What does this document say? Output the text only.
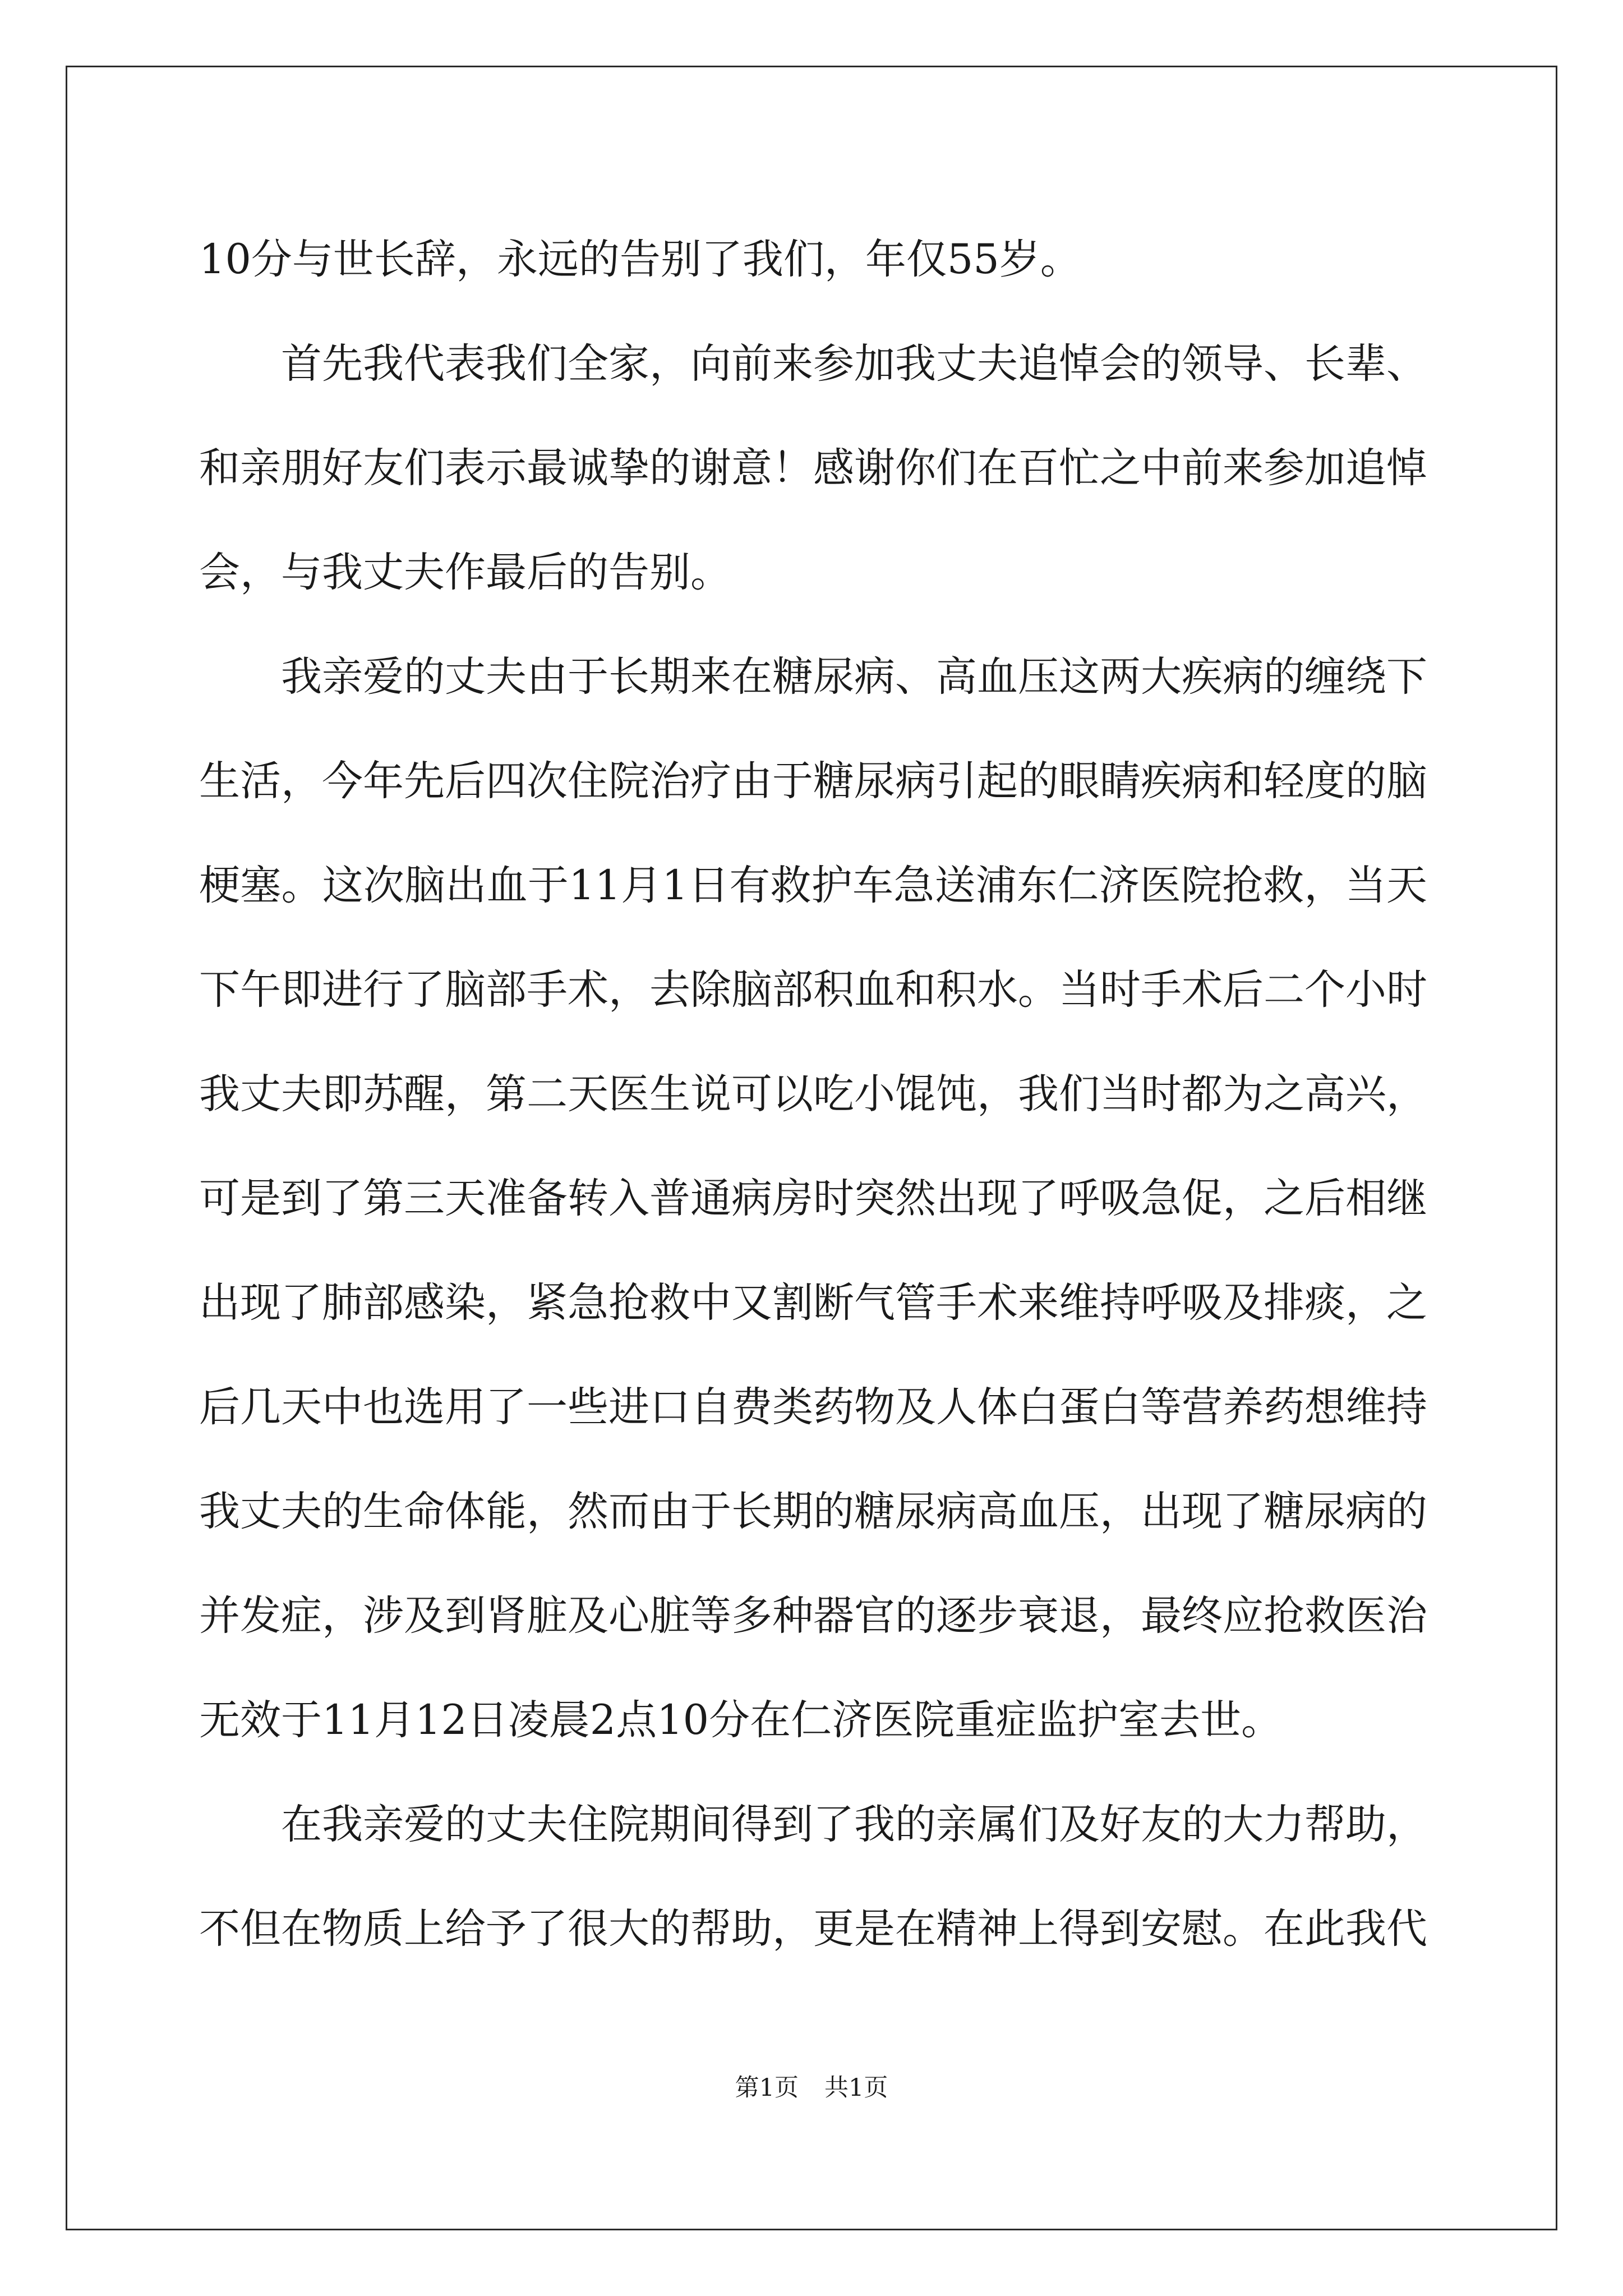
10分与世长辞，永远的告别了我们，年仅55岁。

首先我代表我们全家，向前来参加我丈夫追悼会的领导、长辈、和亲朋好友们表示最诚挚的谢意！感谢你们在百忙之中前来参加追悼会，与我丈夫作最后的告别。

我亲爱的丈夫由于长期来在糖尿病、高血压这两大疾病的缠绕下生活，今年先后四次住院治疗由于糖尿病引起的眼睛疾病和轻度的脑梗塞。这次脑出血于11月1日有救护车急送浦东仁济医院抢救，当天下午即进行了脑部手术，去除脑部积血和积水。当时手术后二个小时我丈夫即苏醒，第二天医生说可以吃小馄饨，我们当时都为之高兴，可是到了第三天准备转入普通病房时突然出现了呼吸急促，之后相继出现了肺部感染，紧急抢救中又割断气管手术来维持呼吸及排痰，之后几天中也选用了一些进口自费类药物及人体白蛋白等营养药想维持我丈夫的生命体能，然而由于长期的糖尿病高血压，出现了糖尿病的并发症，涉及到肾脏及心脏等多种器官的逐步衰退，最终应抢救医治无效于11月12日凌晨2点10分在仁济医院重症监护室去世。

在我亲爱的丈夫住院期间得到了我的亲属们及好友的大力帮助，不但在物质上给予了很大的帮助，更是在精神上得到安慰。在此我代

第1页 共1页
